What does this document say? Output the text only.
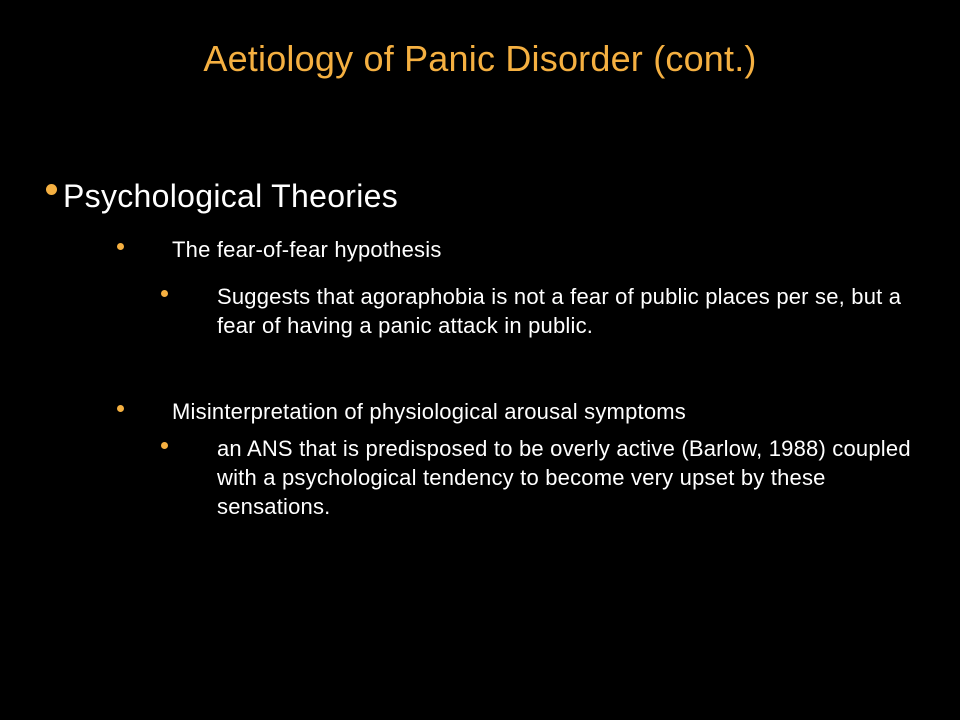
Aetiology of Panic Disorder (cont.)
Psychological Theories
The fear-of-fear hypothesis
Suggests that agoraphobia is not a fear of public places per se, but a fear of having a panic attack in public.
Misinterpretation of physiological arousal symptoms
an ANS that is predisposed to be overly active (Barlow, 1988) coupled with a psychological tendency to become very upset by these sensations.
